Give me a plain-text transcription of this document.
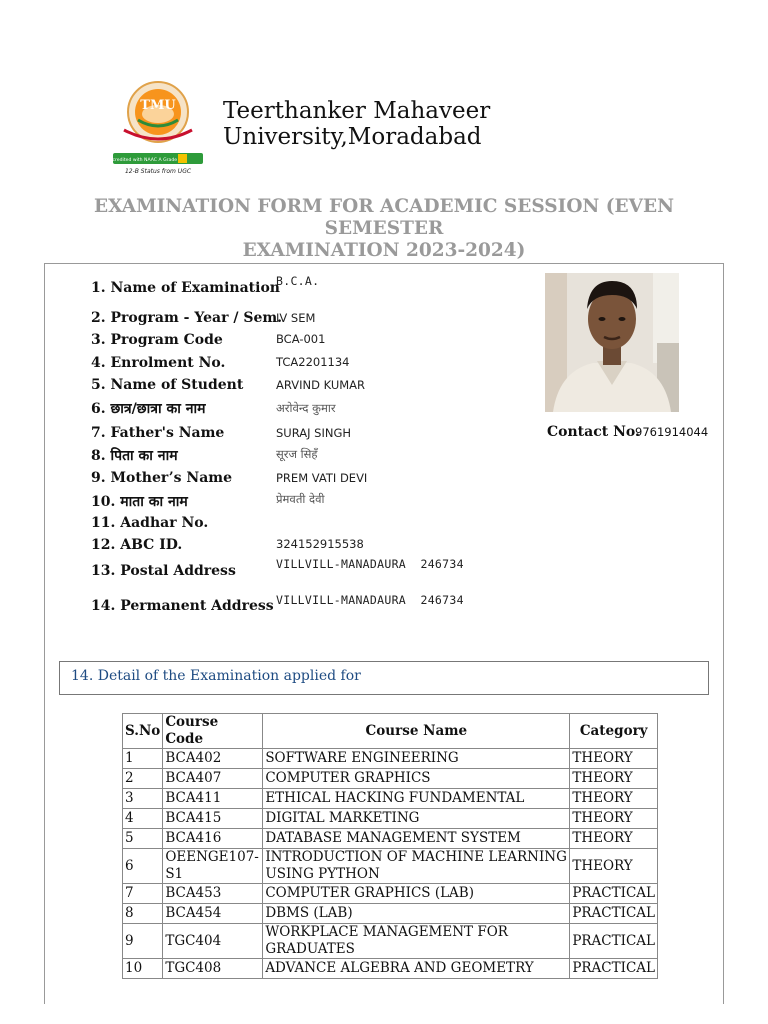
TMU
Accredited with NAAC A Grade
12-B Status from UGC
Teerthanker Mahaveer
University,Moradabad
EXAMINATION FORM FOR ACADEMIC SESSION (EVEN SEMESTER
EXAMINATION 2023-2024)
1. Name of Examination
B.C.A.
2. Program - Year / Sem.
IV SEM
3. Program Code	BCA-001
4. Enrolment No.	TCA2201134
5. Name of Student	ARVIND KUMAR
6. छात्र/छात्रा का नाम	अरोवेन्द कुमार
7. Father's Name	SURAJ SINGH
8. पिता का नाम	सूरज सिहँ
9. Mother’s Name	PREM VATI DEVI
10. माता का नाम	प्रेमवती देवी
11. Aadhar No.
12. ABC ID.	324152915538
13. Postal Address	VILLVILL-MANADAURA  246734
14. Permanent Address VILLVILL-MANADAURA  246734
Contact No.
9761914044
14. Detail of the Examination applied for
S.No	Course Code	Course Name	Category
1	BCA402	SOFTWARE ENGINEERING	THEORY
2	BCA407	COMPUTER GRAPHICS	THEORY
3	BCA411	ETHICAL HACKING FUNDAMENTAL	THEORY
4	BCA415	DIGITAL MARKETING	THEORY
5	BCA416	DATABASE MANAGEMENT SYSTEM	THEORY
6	OEENGE107-S1	INTRODUCTION OF MACHINE LEARNING USING PYTHON	THEORY
7	BCA453	COMPUTER GRAPHICS (LAB)	PRACTICAL
8	BCA454	DBMS (LAB)	PRACTICAL
9	TGC404	WORKPLACE MANAGEMENT FOR GRADUATES	PRACTICAL
10	TGC408	ADVANCE ALGEBRA AND GEOMETRY	PRACTICAL
